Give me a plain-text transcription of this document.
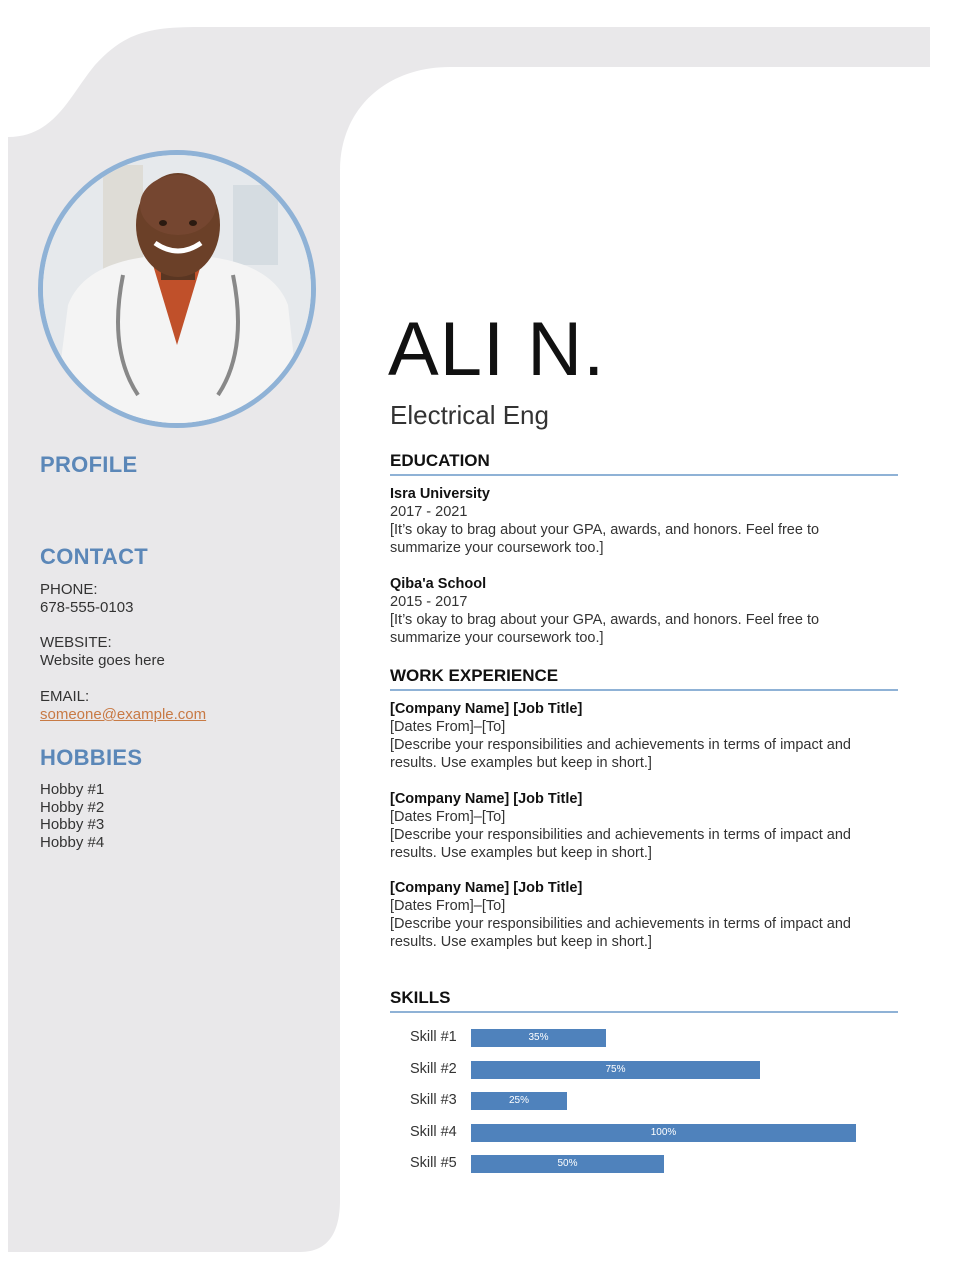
PROFILE
CONTACT
PHONE:
678-555-0103
WEBSITE:
Website goes here
EMAIL:
someone@example.com
HOBBIES
Hobby #1
Hobby #2
Hobby #3
Hobby #4
ALI N.
Electrical Eng
EDUCATION
Isra University
2017 - 2021
[It’s okay to brag about your GPA, awards, and honors. Feel free to summarize your coursework too.]
Qiba'a School
2015 - 2017
[It’s okay to brag about your GPA, awards, and honors. Feel free to summarize your coursework too.]
WORK EXPERIENCE
[Company Name] [Job Title]
[Dates From]–[To]
[Describe your responsibilities and achievements in terms of impact and results. Use examples but keep in short.]
[Company Name] [Job Title]
[Dates From]–[To]
[Describe your responsibilities and achievements in terms of impact and results. Use examples but keep in short.]
[Company Name] [Job Title]
[Dates From]–[To]
[Describe your responsibilities and achievements in terms of impact and results. Use examples but keep in short.]
SKILLS
Skill #1	35%
Skill #2	75%
Skill #3	25%
Skill #4	100%
Skill #5	50%
